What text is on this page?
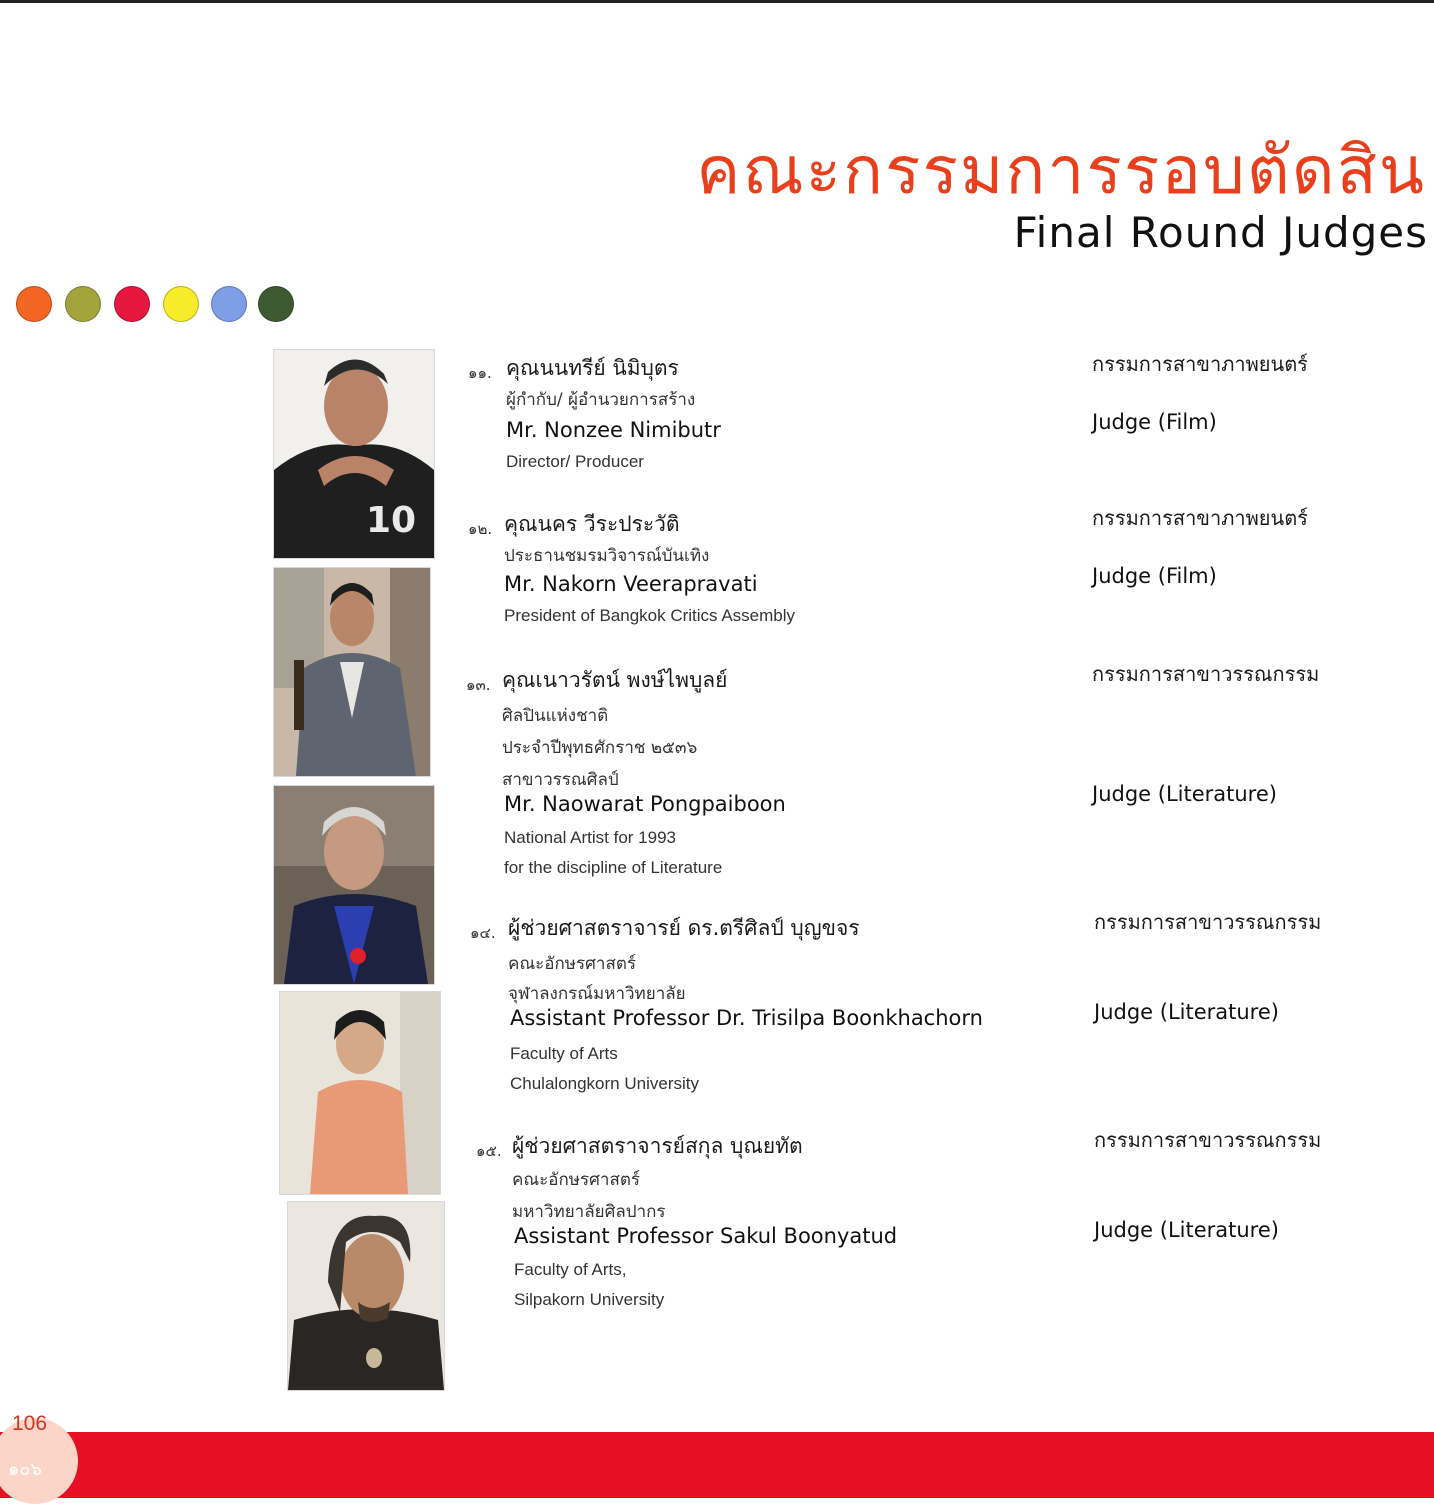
คณะกรรมการรอบตัดสิน
Final Round Judges
10
๑๑. คุณนนทรีย์ นิมิบุตร
ผู้กำกับ/ ผู้อำนวยการสร้าง
Mr. Nonzee Nimibutr
Director/ Producer
กรรมการสาขาภาพยนตร์
Judge (Film)
๑๒. คุณนคร วีระประวัติ
ประธานชมรมวิจารณ์บันเทิง
Mr. Nakorn Veerapravati
President of Bangkok Critics Assembly
กรรมการสาขาภาพยนตร์
Judge (Film)
๑๓. คุณเนาวรัตน์ พงษ์ไพบูลย์
ศิลปินแห่งชาติ
ประจำปีพุทธศักราช ๒๕๓๖
สาขาวรรณศิลป์
Mr. Naowarat Pongpaiboon
National Artist for 1993
for the discipline of Literature
กรรมการสาขาวรรณกรรม
Judge (Literature)
๑๔. ผู้ช่วยศาสตราจารย์ ดร.ตรีศิลป์ บุญขจร
คณะอักษรศาสตร์
จุฬาลงกรณ์มหาวิทยาลัย
Assistant Professor Dr. Trisilpa Boonkhachorn
Faculty of Arts
Chulalongkorn University
กรรมการสาขาวรรณกรรม
Judge (Literature)
๑๕. ผู้ช่วยศาสตราจารย์สกุล บุณยทัต
คณะอักษรศาสตร์
มหาวิทยาลัยศิลปากร
Assistant Professor Sakul Boonyatud
Faculty of Arts,
Silpakorn University
กรรมการสาขาวรรณกรรม
Judge (Literature)
106
๑๐๖
